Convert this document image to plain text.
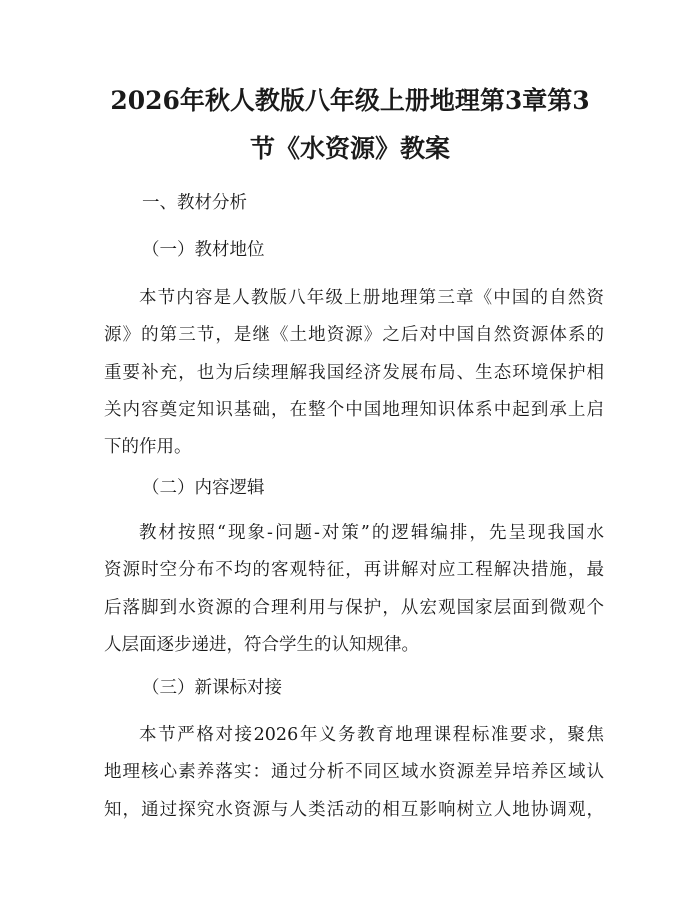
2026年秋人教版八年级上册地理第3章第3
节《水资源》教案

一、教材分析

（一）教材地位

本节内容是人教版八年级上册地理第三章《中国的自然资
源》的第三节，是继《土地资源》之后对中国自然资源体系的
重要补充，也为后续理解我国经济发展布局、生态环境保护相
关内容奠定知识基础，在整个中国地理知识体系中起到承上启
下的作用。

（二）内容逻辑

教材按照“现象-问题-对策”的逻辑编排，先呈现我国水
资源时空分布不均的客观特征，再讲解对应工程解决措施，最
后落脚到水资源的合理利用与保护，从宏观国家层面到微观个
人层面逐步递进，符合学生的认知规律。

（三）新课标对接

本节严格对接2026年义务教育地理课程标准要求，聚焦
地理核心素养落实：通过分析不同区域水资源差异培养区域认
知，通过探究水资源与人类活动的相互影响树立人地协调观，
